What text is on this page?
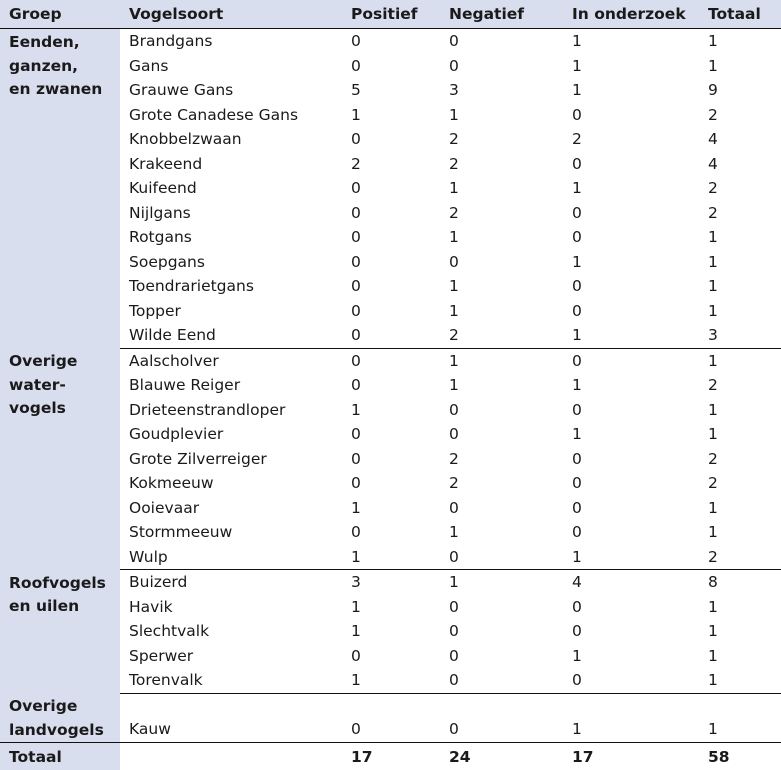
Groep	Vogelsoort	Positief	Negatief	In onderzoek	Totaal

Eenden,
ganzen,
en zwanen	Brandgans	0	0	1	1
	Gans	0	0	1	1
	Grauwe Gans	5	3	1	9
	Grote Canadese Gans	1	1	0	2
	Knobbelzwaan	0	2	2	4
	Krakeend	2	2	0	4
	Kuifeend	0	1	1	2
	Nijlgans	0	2	0	2
	Rotgans	0	1	0	1
	Soepgans	0	0	1	1
	Toendrarietgans	0	1	0	1
	Topper	0	1	0	1
	Wilde Eend	0	2	1	3

Overige
water-
vogels	Aalscholver	0	1	0	1
	Blauwe Reiger	0	1	1	2
	Drieteenstrandloper	1	0	0	1
	Goudplevier	0	0	1	1
	Grote Zilverreiger	0	2	0	2
	Kokmeeuw	0	2	0	2
	Ooievaar	1	0	0	1
	Stormmeeuw	0	1	0	1
	Wulp	1	0	1	2

Roofvogels
en uilen	Buizerd	3	1	4	8
	Havik	1	0	0	1
	Slechtvalk	1	0	0	1
	Sperwer	0	0	1	1
	Torenvalk	1	0	0	1

Overige
landvogels					

	Kauw	0	0	1	1
Totaal		17	24	17	58
